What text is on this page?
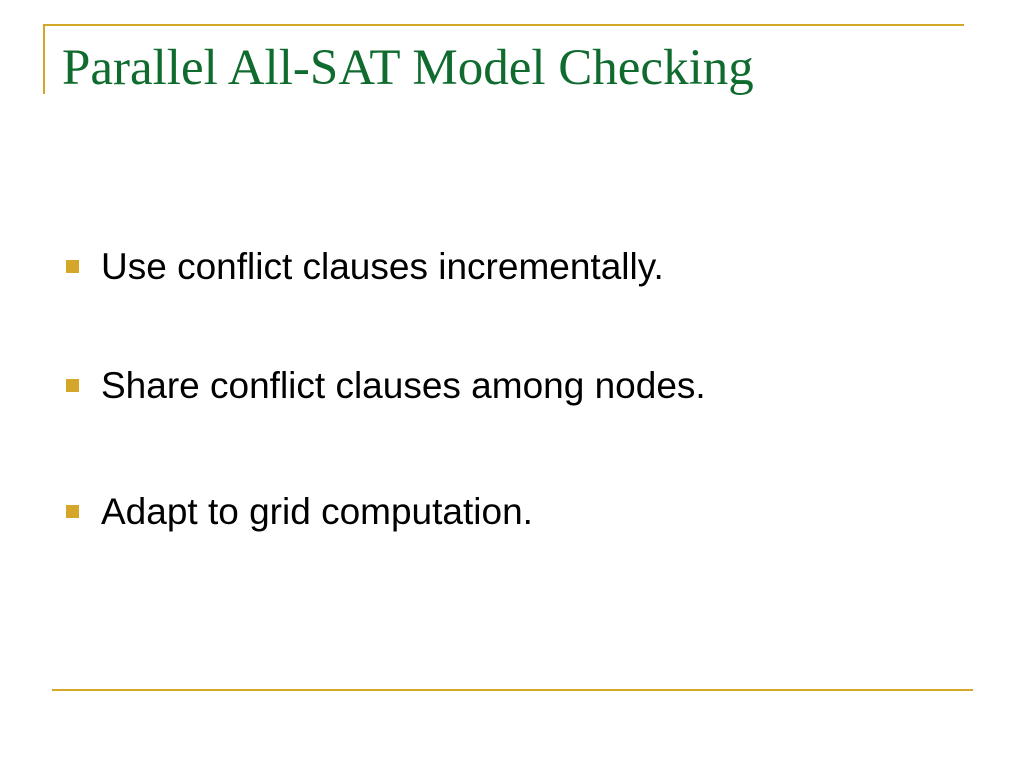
Parallel All-SAT Model Checking
Use conflict clauses incrementally.
Share conflict clauses among nodes.
Adapt to grid computation.
